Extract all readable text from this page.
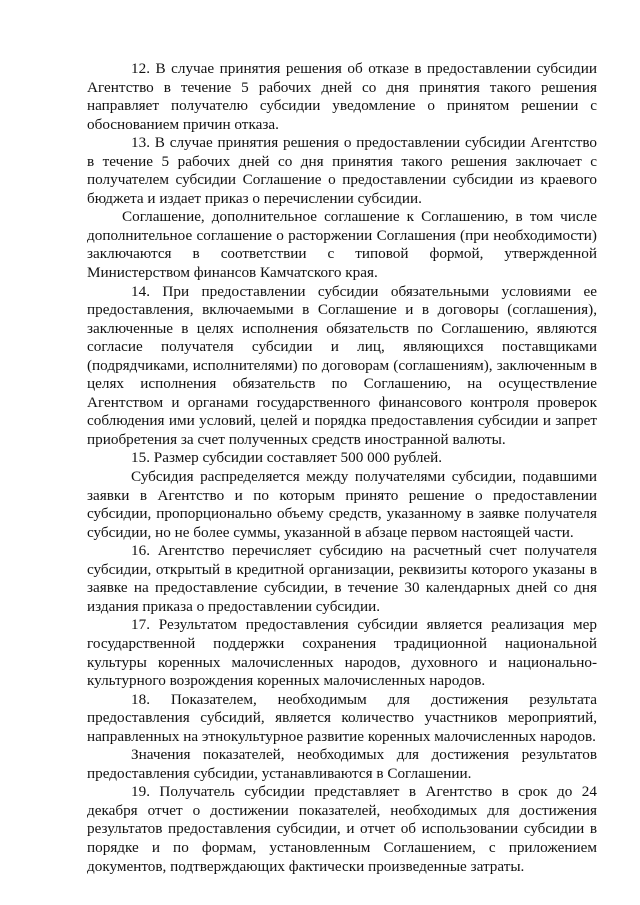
12. В случае принятия решения об отказе в предоставлении субсидии Агентство в течение 5 рабочих дней со дня принятия такого решения направляет получателю субсидии уведомление о принятом решении с обоснованием причин отказа.

13. В случае принятия решения о предоставлении субсидии Агентство в течение 5 рабочих дней со дня принятия такого решения заключает с получателем субсидии Соглашение о предоставлении субсидии из краевого бюджета и издает приказ о перечислении субсидии.

Соглашение, дополнительное соглашение к Соглашению, в том числе дополнительное соглашение о расторжении Соглашения (при необходимости) заключаются в соответствии с типовой формой, утвержденной Министерством финансов Камчатского края.

14. При предоставлении субсидии обязательными условиями ее предоставления, включаемыми в Соглашение и в договоры (соглашения), заключенные в целях исполнения обязательств по Соглашению, являются согласие получателя субсидии и лиц, являющихся поставщиками (подрядчиками, исполнителями) по договорам (соглашениям), заключенным в целях исполнения обязательств по Соглашению, на осуществление Агентством и органами государственного финансового контроля проверок соблюдения ими условий, целей и порядка предоставления субсидии и запрет приобретения за счет полученных средств иностранной валюты.

15. Размер субсидии составляет 500 000 рублей.

Субсидия распределяется между получателями субсидии, подавшими заявки в Агентство и по которым принято решение о предоставлении субсидии, пропорционально объему средств, указанному в заявке получателя субсидии, но не более суммы, указанной в абзаце первом настоящей части.

16. Агентство перечисляет субсидию на расчетный счет получателя субсидии, открытый в кредитной организации, реквизиты которого указаны в заявке на предоставление субсидии, в течение 30 календарных дней со дня издания приказа о предоставлении субсидии.

17. Результатом предоставления субсидии является реализация мер государственной поддержки сохранения традиционной национальной культуры коренных малочисленных народов, духовного и национально-культурного возрождения коренных малочисленных народов.

18. Показателем, необходимым для достижения результата предоставления субсидий, является количество участников мероприятий, направленных на этнокультурное развитие коренных малочисленных народов.

Значения показателей, необходимых для достижения результатов предоставления субсидии, устанавливаются в Соглашении.

19. Получатель субсидии представляет в Агентство в срок до 24 декабря отчет о достижении показателей, необходимых для достижения результатов предоставления субсидии, и отчет об использовании субсидии в порядке и по формам, установленным Соглашением, с приложением документов, подтверждающих фактически произведенные затраты.
